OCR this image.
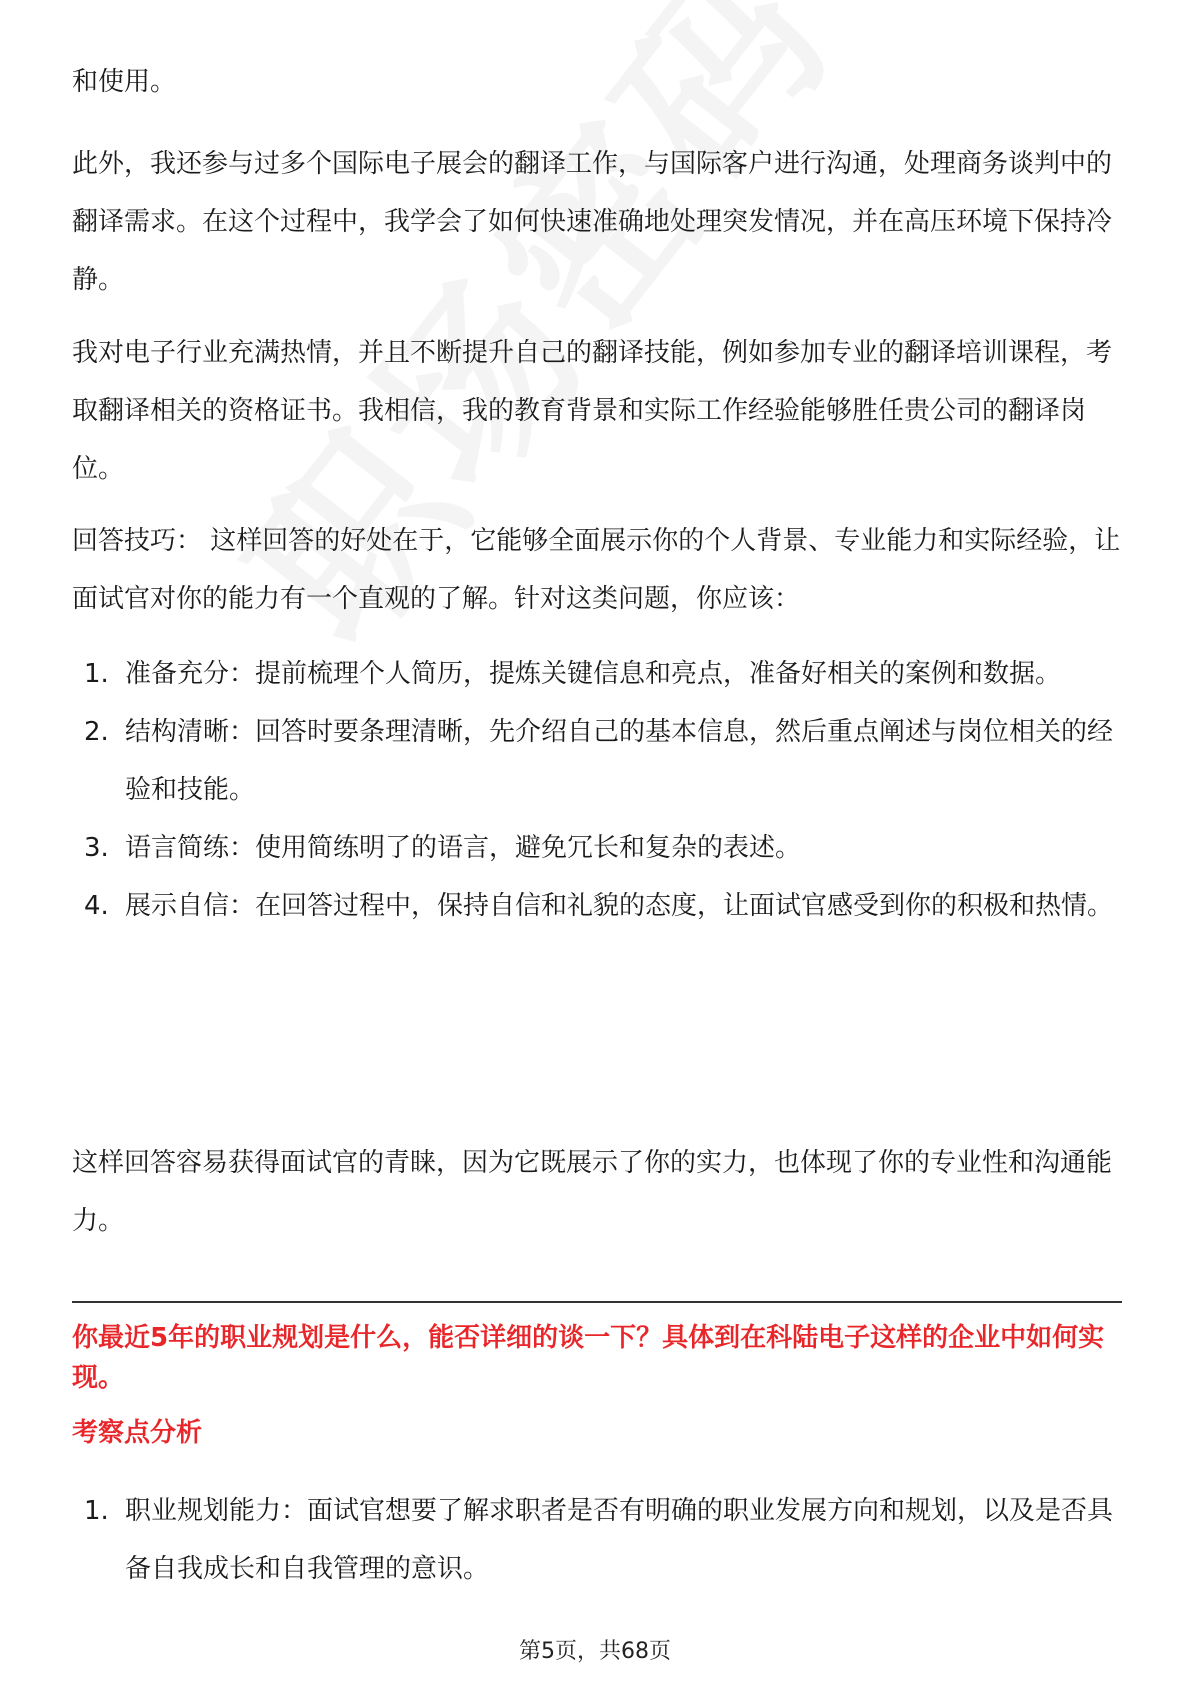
和使用。

此外，我还参与过多个国际电子展会的翻译工作，与国际客户进行沟通，处理商务谈判中的翻译需求。在这个过程中，我学会了如何快速准确地处理突发情况，并在高压环境下保持冷静。

我对电子行业充满热情，并且不断提升自己的翻译技能，例如参加专业的翻译培训课程，考取翻译相关的资格证书。我相信，我的教育背景和实际工作经验能够胜任贵公司的翻译岗位。

回答技巧： 这样回答的好处在于，它能够全面展示你的个人背景、专业能力和实际经验，让面试官对你的能力有一个直观的了解。针对这类问题，你应该：

1. 准备充分：提前梳理个人简历，提炼关键信息和亮点，准备好相关的案例和数据。
2. 结构清晰：回答时要条理清晰，先介绍自己的基本信息，然后重点阐述与岗位相关的经验和技能。
3. 语言简练：使用简练明了的语言，避免冗长和复杂的表述。
4. 展示自信：在回答过程中，保持自信和礼貌的态度，让面试官感受到你的积极和热情。

这样回答容易获得面试官的青睐，因为它既展示了你的实力，也体现了你的专业性和沟通能力。

你最近5年的职业规划是什么，能否详细的谈一下？具体到在科陆电子这样的企业中如何实现。

考察点分析

1. 职业规划能力：面试官想要了解求职者是否有明确的职业发展方向和规划，以及是否具备自我成长和自我管理的意识。
第5页，共68页
